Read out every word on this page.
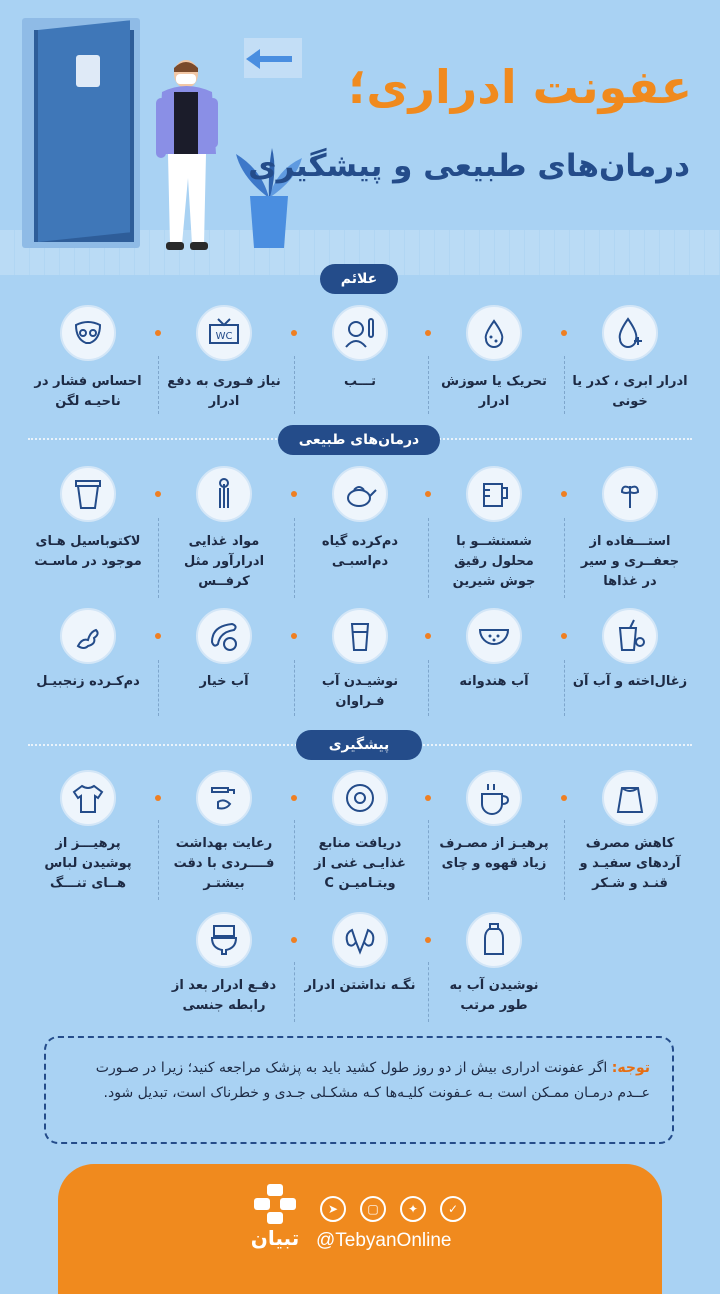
عفونت ادراری؛
درمان‌های طبیعی و پیشگیری
علائم
WC
ادرار ابری ، کدر یا خونی
تحریک یا سوزش ادرار
تـــب
نیاز فـوری به دفع ادرار
احساس فشار در ناحیـه لگن
درمان‌های طبیعی
استـــفاده از جعفــری و سیر در غذاها
شستشــو با محلول رقیق جوش شیرین
دم‌کرده گیاه دم‌اسبـی
مواد غذایی ادرارآور مثل کرفــس
لاکتوباسیل هـای موجود در ماسـت
زغال‌اخته و آب آن
آب هندوانه
نوشیـدن آب فـراوان
آب خیار
دم‌کـرده زنجبیـل
پیشگیری
کاهش مصرف آردهای سفیـد و قنـد و شـکر
پرهیـز از مصـرف زیاد قهوه و چای
دریافت منابع غذایـی غنی از ویتـامیـن C
رعایت بهداشت فــــردی با دقت بیشتـر
پرهیـــز از پوشیدن لباس هــای تنـــگ
نوشیدن آب به طور مرتب
نگـه نداشتن ادرار
دفـع ادرار بعد از رابطه جنسی
توجه: اگر عفونت ادراری بیش از دو روز طول کشید باید به پزشک مراجعه کنید؛ زیرا در صـورت عــدم درمـان ممـکن است بـه عـفونت کلیـه‌ها کـه مشکـلی جـدی و خطرناک است، تبدیل شود.
تبیان
➤	▢	✦	✓
@TebyanOnline
